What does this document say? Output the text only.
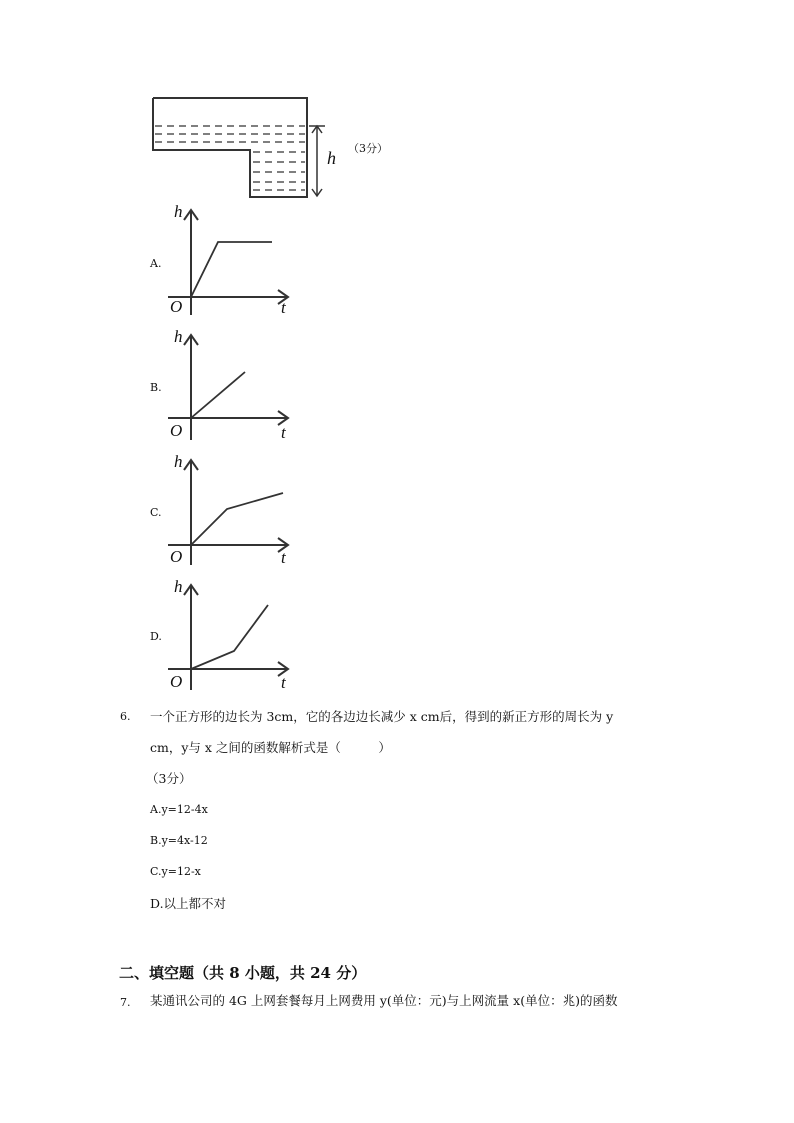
h （3分）
A.
h
O	t
B.
h
O	t
C.
h
O	t
D.
h
O	t
6. 一个正方形的边长为 3cm，它的各边边长减少 x cm后，得到的新正方形的周长为 y
cm，y与 x 之间的函数解析式是（　　　）
（3分）
A.y=12-4x
B.y=4x-12
C.y=12-x
D.以上都不对
二、填空题（共 8 小题，共 24 分）
7. 某通讯公司的 4G 上网套餐每月上网费用 y(单位：元)与上网流量 x(单位：兆)的函数
